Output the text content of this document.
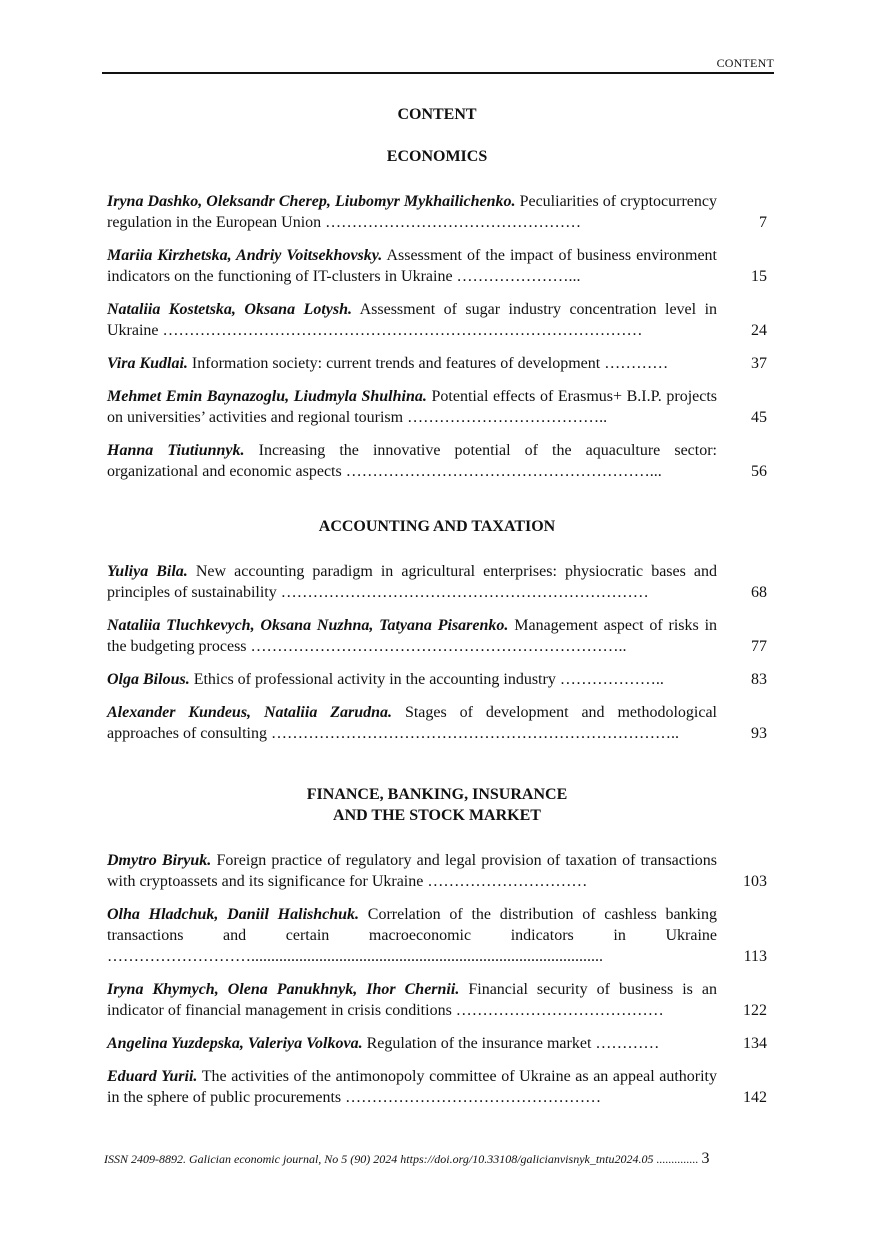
CONTENT
CONTENT
ECONOMICS
Iryna Dashko, Oleksandr Cherep, Liubomyr Mykhailichenko. Peculiarities of cryptocurrency regulation in the European Union …………………………………………	7
Mariia Kirzhetska, Andriy Voitsekhovsky. Assessment of the impact of business environment indicators on the functioning of IT-clusters in Ukraine …………………...	15
Nataliia Kostetska, Oksana Lotysh. Assessment of sugar industry concentration level in Ukraine ………………………………………………………………………………	24
Vira Kudlai. Information society: current trends and features of development …………	37
Mehmet Emin Baynazoglu, Liudmyla Shulhina. Potential effects of Erasmus+ B.I.P. projects on universities’ activities and regional tourism ………………………………..	45
Hanna Tiutiunnyk. Increasing the innovative potential of the aquaculture sector: organizational and economic aspects …………………………………………………...	56
ACCOUNTING AND TAXATION
Yuliya Bila. New accounting paradigm in agricultural enterprises: physiocratic bases and principles of sustainability ……………………………………………………………	68
Nataliia Tluchkevych, Oksana Nuzhna, Tatyana Pisarenko. Management aspect of risks in the budgeting process ……………………………………………………………..	77
Olga Bilous. Ethics of professional activity in the accounting industry ………………..	83
Alexander Kundeus, Nataliia Zarudna. Stages of development and methodological approaches of consulting …………………………………………………………………..	93
FINANCE, BANKING, INSURANCE
AND THE STOCK MARKET
Dmytro Biryuk. Foreign practice of regulatory and legal provision of taxation of transactions with cryptoassets and its significance for Ukraine …………………………	103
Olha Hladchuk, Daniil Halishchuk. Correlation of the distribution of cashless banking transactions and certain macroeconomic indicators in Ukraine ………………………........................................................................................	113
Iryna Khymych, Olena Panukhnyk, Ihor Chernii. Financial security of business is an indicator of financial management in crisis conditions …………………………………	122
Angelina Yuzdepska, Valeriya Volkova. Regulation of the insurance market …………	134
Eduard Yurii. The activities of the antimonopoly committee of Ukraine as an appeal authority in the sphere of public procurements …………………………………………	142
ISSN 2409-8892. Galician economic journal, No 5 (90) 2024 https://doi.org/10.33108/galicianvisnyk_tntu2024.05 .............. 3
